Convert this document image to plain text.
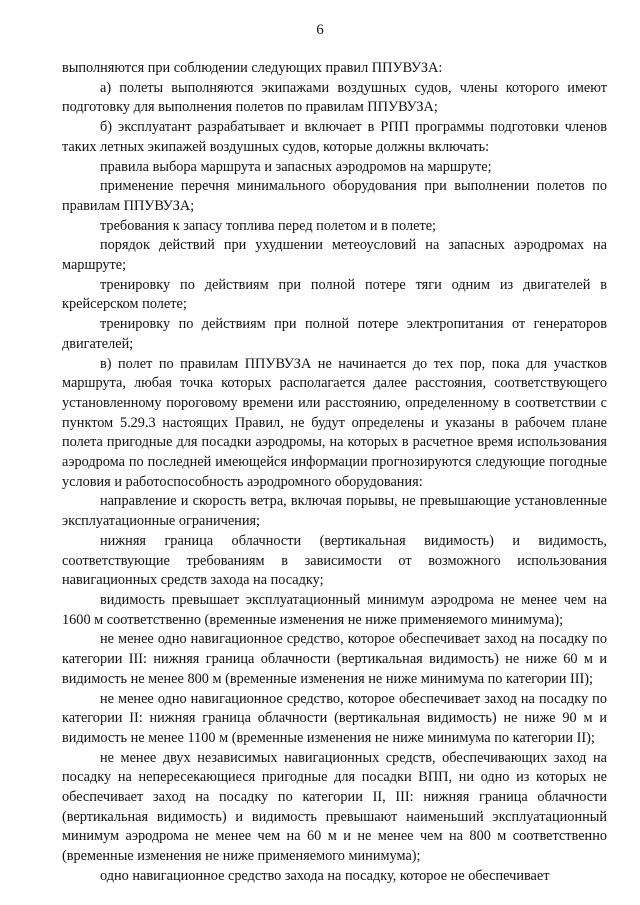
6

выполняются при соблюдении следующих правил ППУВУЗА:

а) полеты выполняются экипажами воздушных судов, члены которого имеют подготовку для выполнения полетов по правилам ППУВУЗА;

б) эксплуатант разрабатывает и включает в РПП программы подготовки членов таких летных экипажей воздушных судов, которые должны включать:

правила выбора маршрута и запасных аэродромов на маршруте;

применение перечня минимального оборудования при выполнении полетов по правилам ППУВУЗА;

требования к запасу топлива перед полетом и в полете;

порядок действий при ухудшении метеоусловий на запасных аэродромах на маршруте;

тренировку по действиям при полной потере тяги одним из двигателей в крейсерском полете;

тренировку по действиям при полной потере электропитания от генераторов двигателей;

в) полет по правилам ППУВУЗА не начинается до тех пор, пока для участков маршрута, любая точка которых располагается далее расстояния, соответствующего установленному пороговому времени или расстоянию, определенному в соответствии с пунктом 5.29.3 настоящих Правил, не будут определены и указаны в рабочем плане полета пригодные для посадки аэродромы, на которых в расчетное время использования аэродрома по последней имеющейся информации прогнозируются следующие погодные условия и работоспособность аэродромного оборудования:

направление и скорость ветра, включая порывы, не превышающие установленные эксплуатационные ограничения;

нижняя граница облачности (вертикальная видимость) и видимость, соответствующие требованиям в зависимости от возможного использования навигационных средств захода на посадку;

видимость превышает эксплуатационный минимум аэродрома не менее чем на 1600 м соответственно (временные изменения не ниже применяемого минимума);

не менее одно навигационное средство, которое обеспечивает заход на посадку по категории III: нижняя граница облачности (вертикальная видимость) не ниже 60 м и видимость не менее 800 м (временные изменения не ниже минимума по категории III);

не менее одно навигационное средство, которое обеспечивает заход на посадку по категории II: нижняя граница облачности (вертикальная видимость) не ниже 90 м и видимость не менее 1100 м (временные изменения не ниже минимума по категории II);

не менее двух независимых навигационных средств, обеспечивающих заход на посадку на непересекающиеся пригодные для посадки ВПП, ни одно из которых не обеспечивает заход на посадку по категории II, III: нижняя граница облачности (вертикальная видимость) и видимость превышают наименьший эксплуатационный минимум аэродрома не менее чем на 60 м и не менее чем на 800 м соответственно (временные изменения не ниже применяемого минимума);

одно навигационное средство захода на посадку, которое не обеспечивает
